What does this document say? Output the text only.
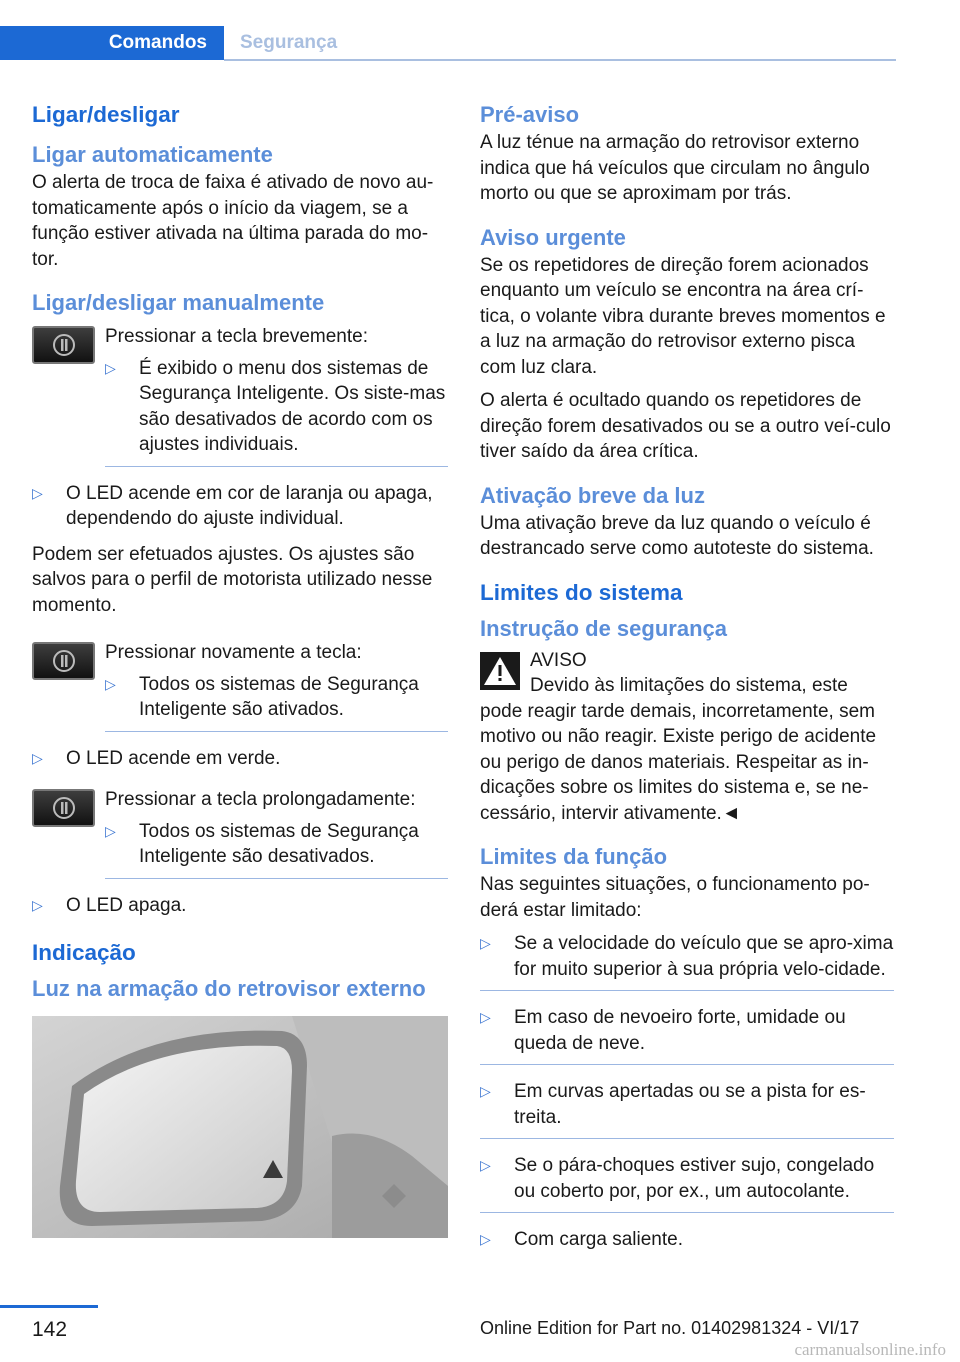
Comandos	Segurança
Ligar/desligar
Ligar automaticamente

O alerta de troca de faixa é ativado de novo au-tomaticamente após o início da viagem, se a função estiver ativada na última parada do mo-tor.

Ligar/desligar manualmente

Pressionar a tecla brevemente:

▷	É exibido o menu dos sistemas de Segurança Inteligente. Os siste-mas são desativados de acordo com os ajustes individuais.
▷	O LED acende em cor de laranja ou apaga, dependendo do ajuste individual.

Podem ser efetuados ajustes. Os ajustes são salvos para o perfil de motorista utilizado nesse momento.

Pressionar novamente a tecla:

▷	Todos os sistemas de Segurança Inteligente são ativados.
▷	O LED acende em verde.

Pressionar a tecla prolongadamente:

▷	Todos os sistemas de Segurança Inteligente são desativados.
▷	O LED apaga.
Indicação
Luz na armação do retrovisor externo
Pré-aviso

A luz ténue na armação do retrovisor externo indica que há veículos que circulam no ângulo morto ou que se aproximam por trás.

Aviso urgente

Se os repetidores de direção forem acionados enquanto um veículo se encontra na área crí-tica, o volante vibra durante breves momentos e a luz na armação do retrovisor externo pisca com luz clara.

O alerta é ocultado quando os repetidores de direção forem desativados ou se a outro veí-culo tiver saído da área crítica.

Ativação breve da luz

Uma ativação breve da luz quando o veículo é destrancado serve como autoteste do sistema.

Limites do sistema
Instrução de segurança

AVISO

Devido às limitações do sistema, este

pode reagir tarde demais, incorretamente, sem motivo ou não reagir. Existe perigo de acidente ou perigo de danos materiais. Respeitar as in-dicações sobre os limites do sistema e, se ne-cessário, intervir ativamente.◄

Limites da função

Nas seguintes situações, o funcionamento po-derá estar limitado:

▷	Se a velocidade do veículo que se apro-xima for muito superior à sua própria velo-cidade.
▷	Em caso de nevoeiro forte, umidade ou queda de neve.
▷	Em curvas apertadas ou se a pista for es-treita.
▷	Se o pára-choques estiver sujo, congelado ou coberto por, por ex., um autocolante.
▷	Com carga saliente.
142	Online Edition for Part no. 01402981324 - VI/17
carmanualsonline.info
